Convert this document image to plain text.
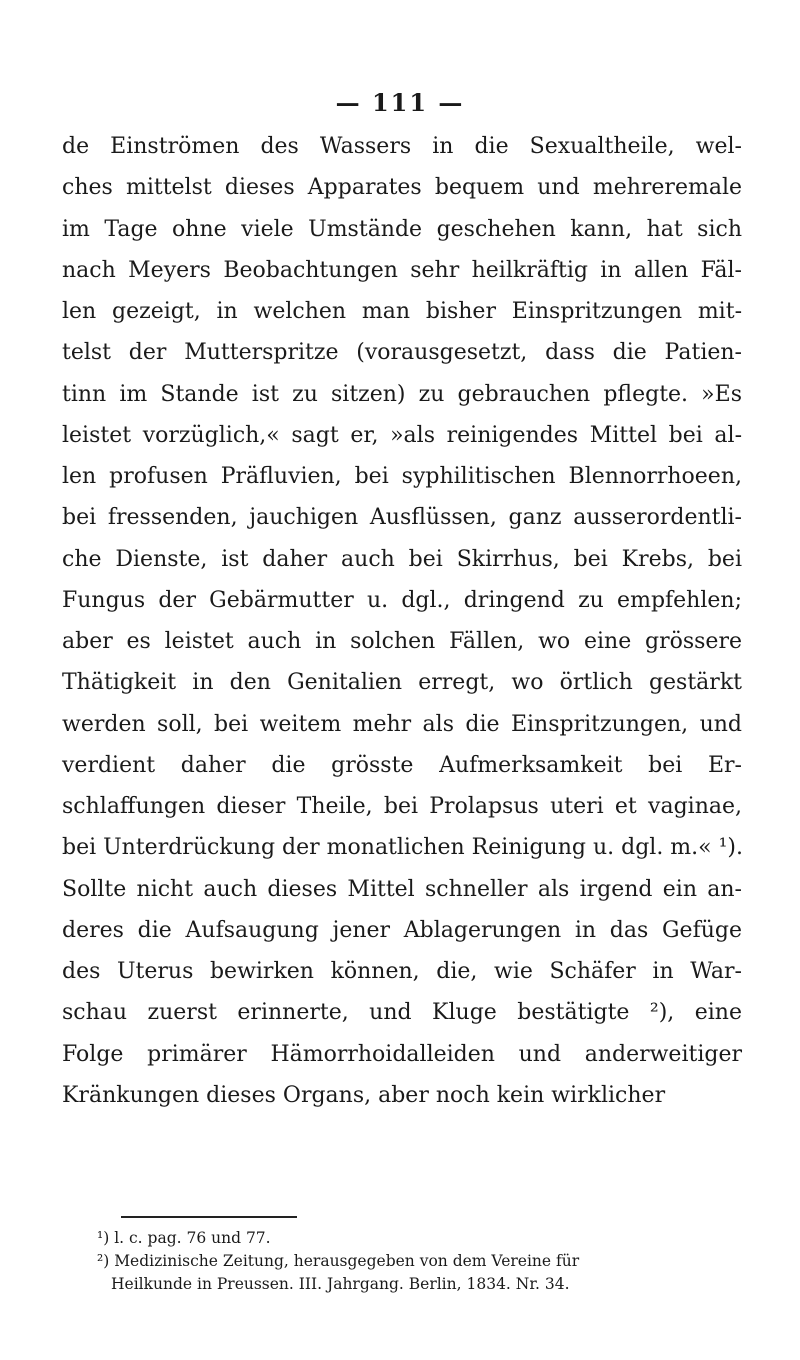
— 111 —
de Einströmen des Wassers in die Sexualtheile, wel-
ches mittelst dieses Apparates bequem und mehreremale
im Tage ohne viele Umstände geschehen kann, hat sich
nach Meyers Beobachtungen sehr heilkräftig in allen Fäl-
len gezeigt, in welchen man bisher Einspritzungen mit-
telst der Mutterspritze (vorausgesetzt, dass die Patien-
tinn im Stande ist zu sitzen) zu gebrauchen pflegte. »Es
leistet vorzüglich,« sagt er, »als reinigendes Mittel bei al-
len profusen Präfluvien, bei syphilitischen Blennorrhoeen,
bei fressenden, jauchigen Ausflüssen, ganz ausserordentli-
che Dienste, ist daher auch bei Skirrhus, bei Krebs, bei
Fungus der Gebärmutter u. dgl., dringend zu empfehlen;
aber es leistet auch in solchen Fällen, wo eine grössere
Thätigkeit in den Genitalien erregt, wo örtlich gestärkt
werden soll, bei weitem mehr als die Einspritzungen, und
verdient daher die grösste Aufmerksamkeit bei Er-
schlaffungen dieser Theile, bei Prolapsus uteri et vaginae,
bei Unterdrückung der monatlichen Reinigung u. dgl. m.« ¹).
Sollte nicht auch dieses Mittel schneller als irgend ein an-
deres die Aufsaugung jener Ablagerungen in das Gefüge
des Uterus bewirken können, die, wie Schäfer in War-
schau zuerst erinnerte, und Kluge bestätigte ²), eine
Folge primärer Hämorrhoidalleiden und anderweitiger
Kränkungen dieses Organs, aber noch kein wirklicher
¹) l. c. pag. 76 und 77.
²) Medizinische Zeitung, herausgegeben von dem Vereine für
Heilkunde in Preussen. III. Jahrgang. Berlin, 1834. Nr. 34.
